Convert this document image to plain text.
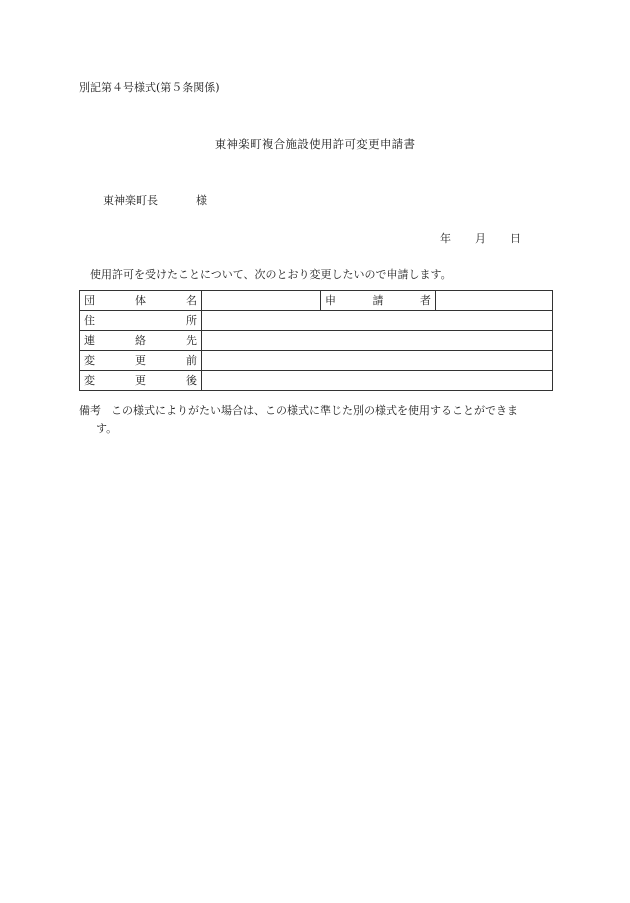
別記第４号様式(第５条関係)
東神楽町複合施設使用許可変更申請書
東神楽町長	様
年 月 日
使用許可を受けたことについて、次のとおり変更したいので申請します。
団 体 名		申 請 者	

住 所			

連 絡 先			

変 更 前			

変 更 後			

備考 この様式によりがたい場合は、この様式に準じた別の様式を使用することができま
す。
